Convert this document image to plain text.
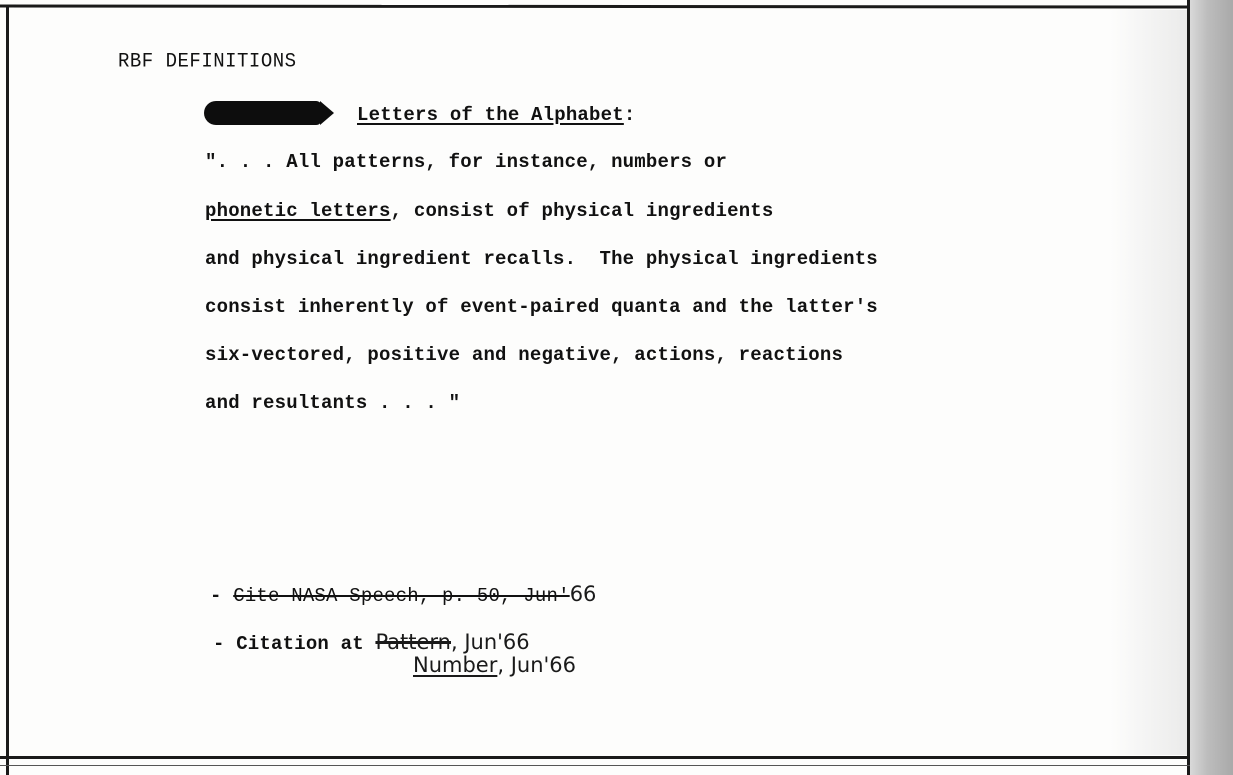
RBF DEFINITIONS
Letters of the Alphabet:
". . . All patterns, for instance, numbers or
phonetic letters, consist of physical ingredients
and physical ingredient recalls.  The physical ingredients
consist inherently of event-paired quanta and the latter's
six-vectored, positive and negative, actions, reactions
and resultants . . . "
- Cite NASA Speech, p. 50, Jun'66
- Citation at Pattern, Jun'66
Number, Jun'66
